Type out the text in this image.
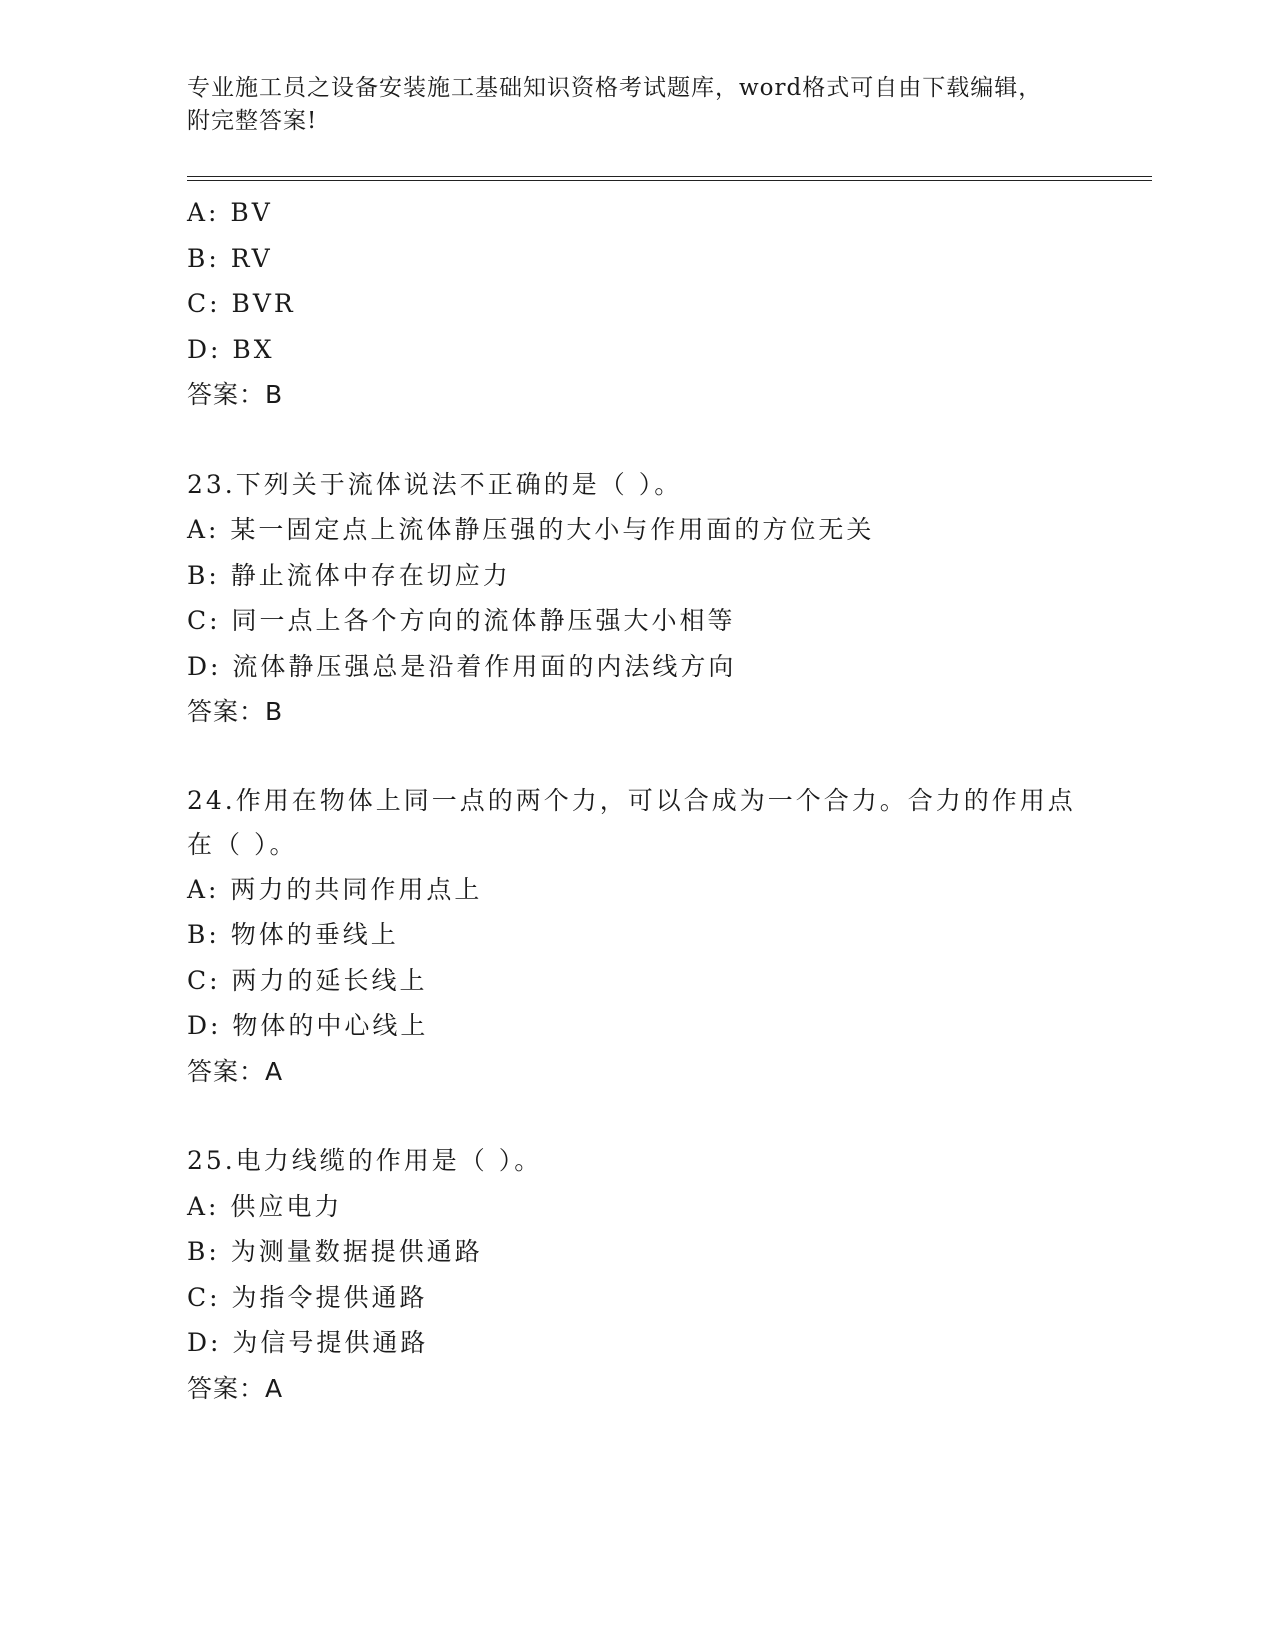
专业施工员之设备安装施工基础知识资格考试题库，word格式可自由下载编辑，
附完整答案!
A: BV
B: RV
C: BVR
D: BX
答案：B
23.下列关于流体说法不正确的是（ ）。
A: 某一固定点上流体静压强的大小与作用面的方位无关
B: 静止流体中存在切应力
C: 同一点上各个方向的流体静压强大小相等
D: 流体静压强总是沿着作用面的内法线方向
答案：B
24.作用在物体上同一点的两个力，可以合成为一个合力。合力的作用点在（ ）。
A: 两力的共同作用点上
B: 物体的垂线上
C: 两力的延长线上
D: 物体的中心线上
答案：A
25.电力线缆的作用是（ ）。
A: 供应电力
B: 为测量数据提供通路
C: 为指令提供通路
D: 为信号提供通路
答案：A
